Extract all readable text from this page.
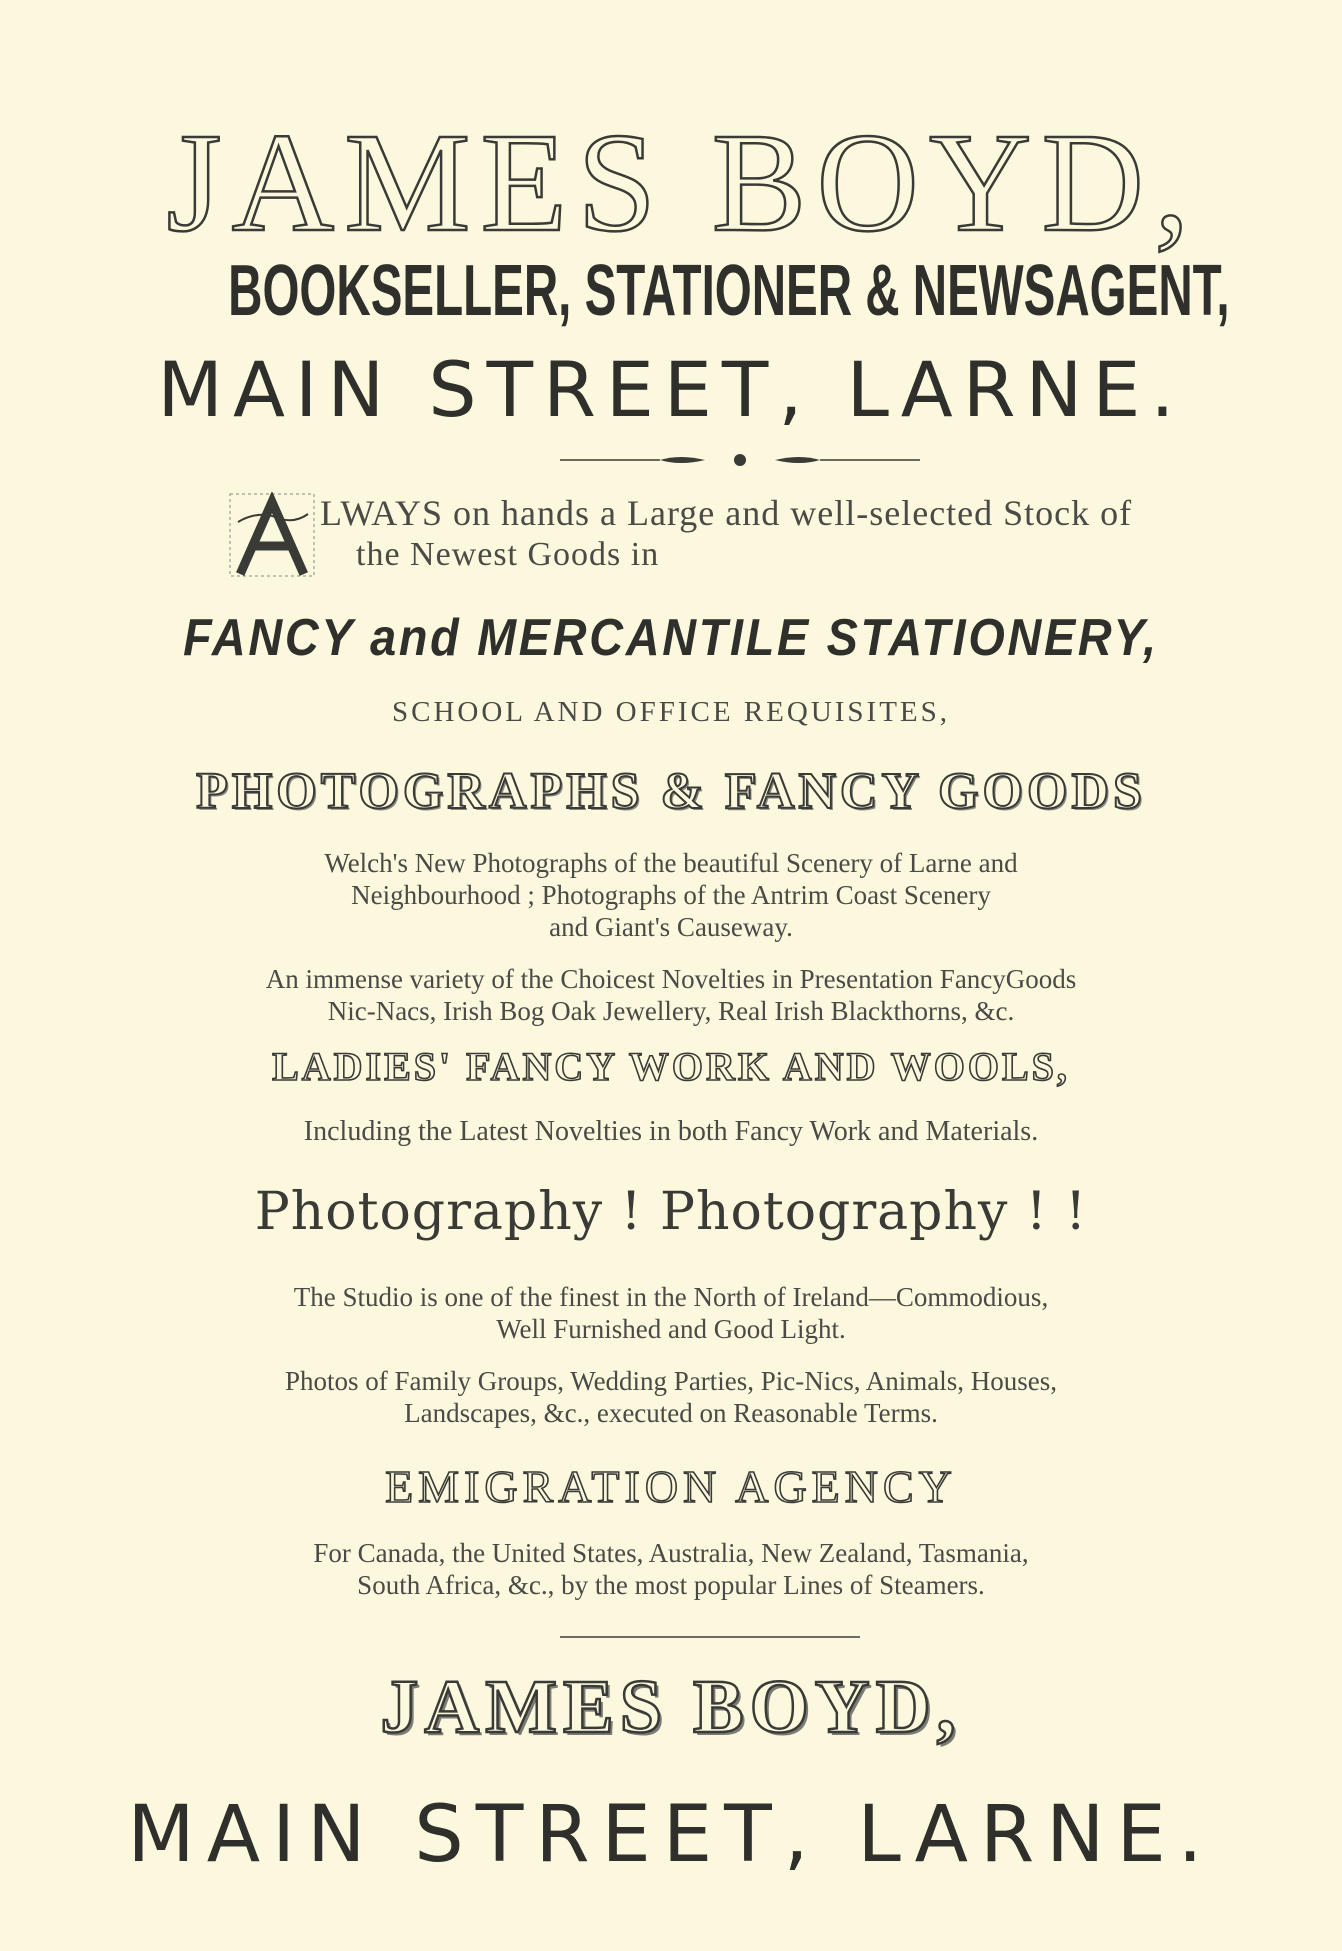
JAMES BOYD,
BOOKSELLER, STATIONER & NEWSAGENT,
MAIN STREET, LARNE.
LWAYS on hands a Large and well-selected Stock of
the Newest Goods in
FANCY and MERCANTILE STATIONERY,
SCHOOL AND OFFICE REQUISITES,
PHOTOGRAPHS & FANCY GOODS
Welch's New Photographs of the beautiful Scenery of Larne and
Neighbourhood ; Photographs of the Antrim Coast Scenery
and Giant's Causeway.
An immense variety of the Choicest Novelties in Presentation FancyGoods
Nic-Nacs, Irish Bog Oak Jewellery, Real Irish Blackthorns, &c.
LADIES' FANCY WORK AND WOOLS,
Including the Latest Novelties in both Fancy Work and Materials.
Photography ! Photography ! !
The Studio is one of the finest in the North of Ireland—Commodious,
Well Furnished and Good Light.
Photos of Family Groups, Wedding Parties, Pic-Nics, Animals, Houses,
Landscapes, &c., executed on Reasonable Terms.
EMIGRATION AGENCY
For Canada, the United States, Australia, New Zealand, Tasmania,
South Africa, &c., by the most popular Lines of Steamers.
JAMES BOYD,
MAIN STREET, LARNE.
